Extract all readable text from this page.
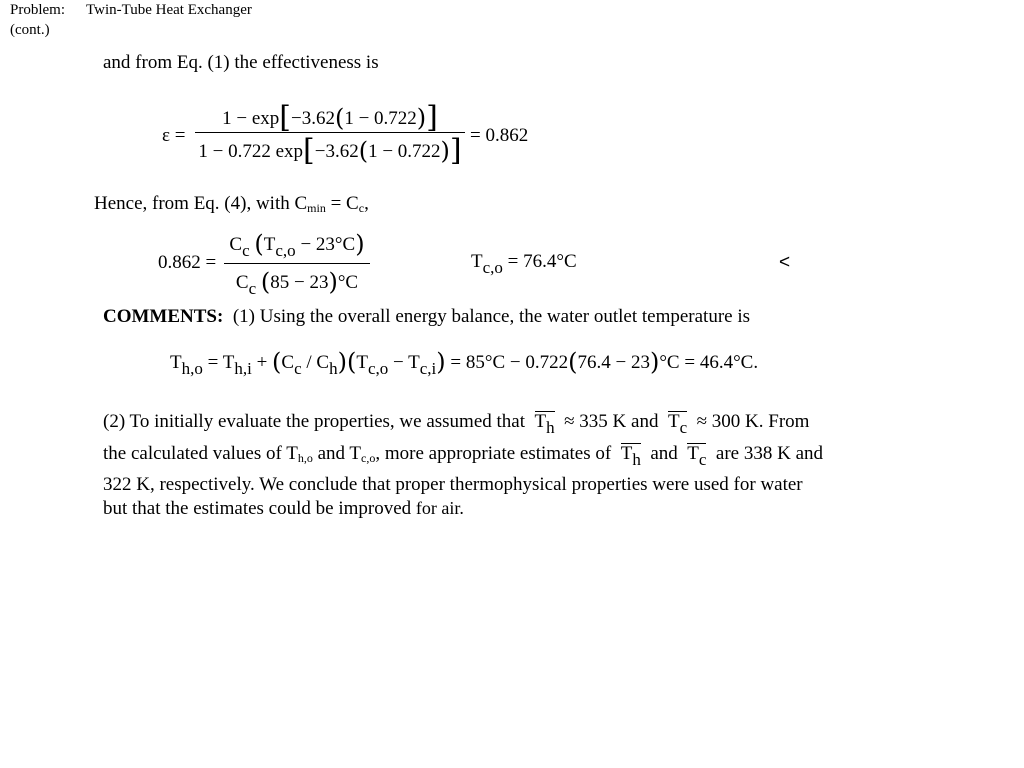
Problem: Twin-Tube Heat Exchanger
(cont.)
and from Eq. (1) the effectiveness is
ε =
1 − exp[−3.62(1 − 0.722)]
1 − 0.722 exp[−3.62(1 − 0.722)] = 0.862
Hence, from Eq. (4), with $C_{min} = C_c$,
0.862 =
$C_c$ $(T_{c,o} - 23^\circ C)$
$C_c$ (85 − 23)°C
$T_{c,o} = 76.4^\circ C$	<
COMMENTS: (1) Using the overall energy balance, the water outlet temperature is
$T_{h,o} = T_{h,i} + (C_c / C_h)(T_{c,o} - T_{c,i}) = 85^\circ C - 0.722(76.4 - 23)^\circ C = 46.4^\circ C$.
(2) To initially evaluate the properties, we assumed that $T_h \approx 335$ K and $T_c \approx 300$ K. From
the calculated values of $T_{h,o}$ and $T_{c,o}$, more appropriate estimates of $T_h$ and $T_c$ are 338 K and
322 K, respectively. We conclude that proper thermophysical properties were used for water
but that the estimates could be improved for air.
